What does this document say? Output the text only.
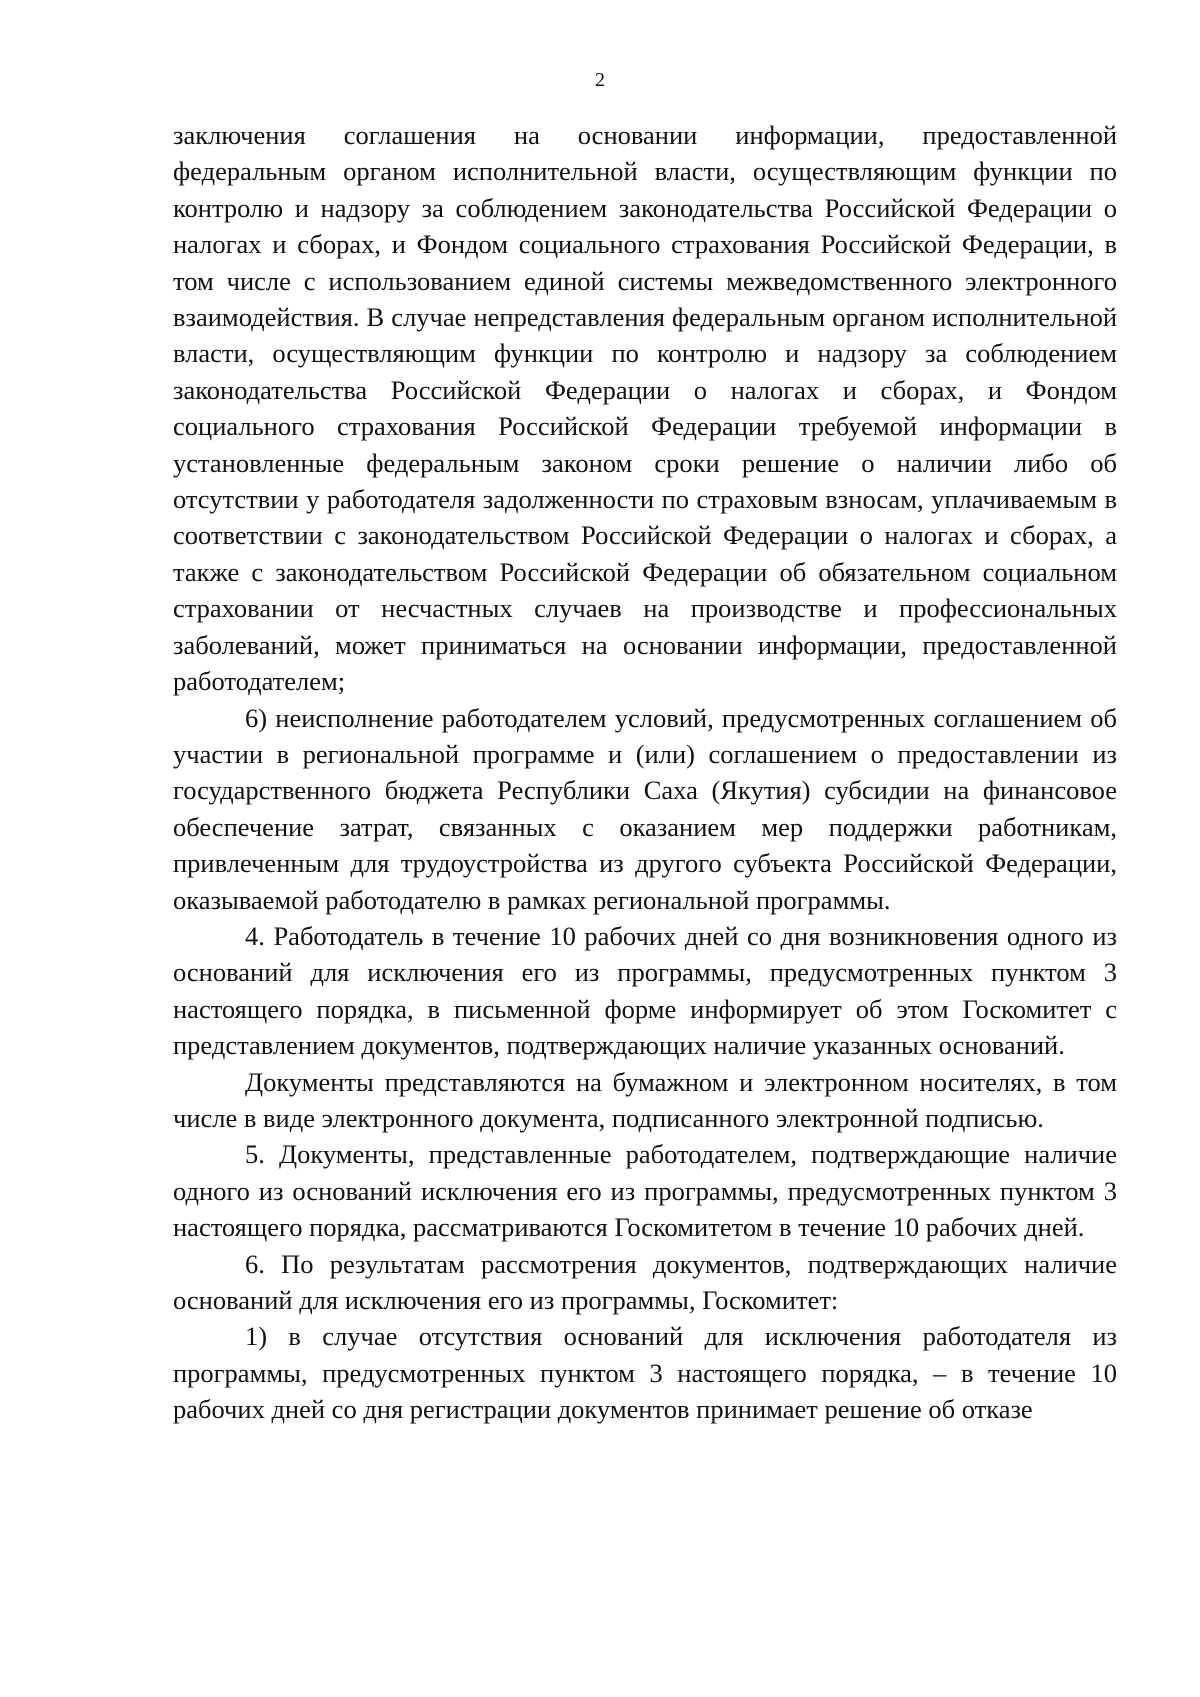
2

заключения соглашения на основании информации, предоставленной федеральным органом исполнительной власти, осуществляющим функции по контролю и надзору за соблюдением законодательства Российской Федерации о налогах и сборах, и Фондом социального страхования Российской Федерации, в том числе с использованием единой системы межведомственного электронного взаимодействия. В случае непредставления федеральным органом исполнительной власти, осуществляющим функции по контролю и надзору за соблюдением законодательства Российской Федерации о налогах и сборах, и Фондом социального страхования Российской Федерации требуемой информации в установленные федеральным законом сроки решение о наличии либо об отсутствии у работодателя задолженности по страховым взносам, уплачиваемым в соответствии с законодательством Российской Федерации о налогах и сборах, а также с законодательством Российской Федерации об обязательном социальном страховании от несчастных случаев на производстве и профессиональных заболеваний, может приниматься на основании информации, предоставленной работодателем;

6) неисполнение работодателем условий, предусмотренных соглашением об участии в региональной программе и (или) соглашением о предоставлении из государственного бюджета Республики Саха (Якутия) субсидии на финансовое обеспечение затрат, связанных с оказанием мер поддержки работникам, привлеченным для трудоустройства из другого субъекта Российской Федерации, оказываемой работодателю в рамках региональной программы.

4. Работодатель в течение 10 рабочих дней со дня возникновения одного из оснований для исключения его из программы, предусмотренных пунктом 3 настоящего порядка, в письменной форме информирует об этом Госкомитет с представлением документов, подтверждающих наличие указанных оснований.

Документы представляются на бумажном и электронном носителях, в том числе в виде электронного документа, подписанного электронной подписью.

5. Документы, представленные работодателем, подтверждающие наличие одного из оснований исключения его из программы, предусмотренных пунктом 3 настоящего порядка, рассматриваются Госкомитетом в течение 10 рабочих дней.

6. По результатам рассмотрения документов, подтверждающих наличие оснований для исключения его из программы, Госкомитет:

1) в случае отсутствия оснований для исключения работодателя из программы, предусмотренных пунктом 3 настоящего порядка, – в течение 10 рабочих дней со дня регистрации документов принимает решение об отказе
